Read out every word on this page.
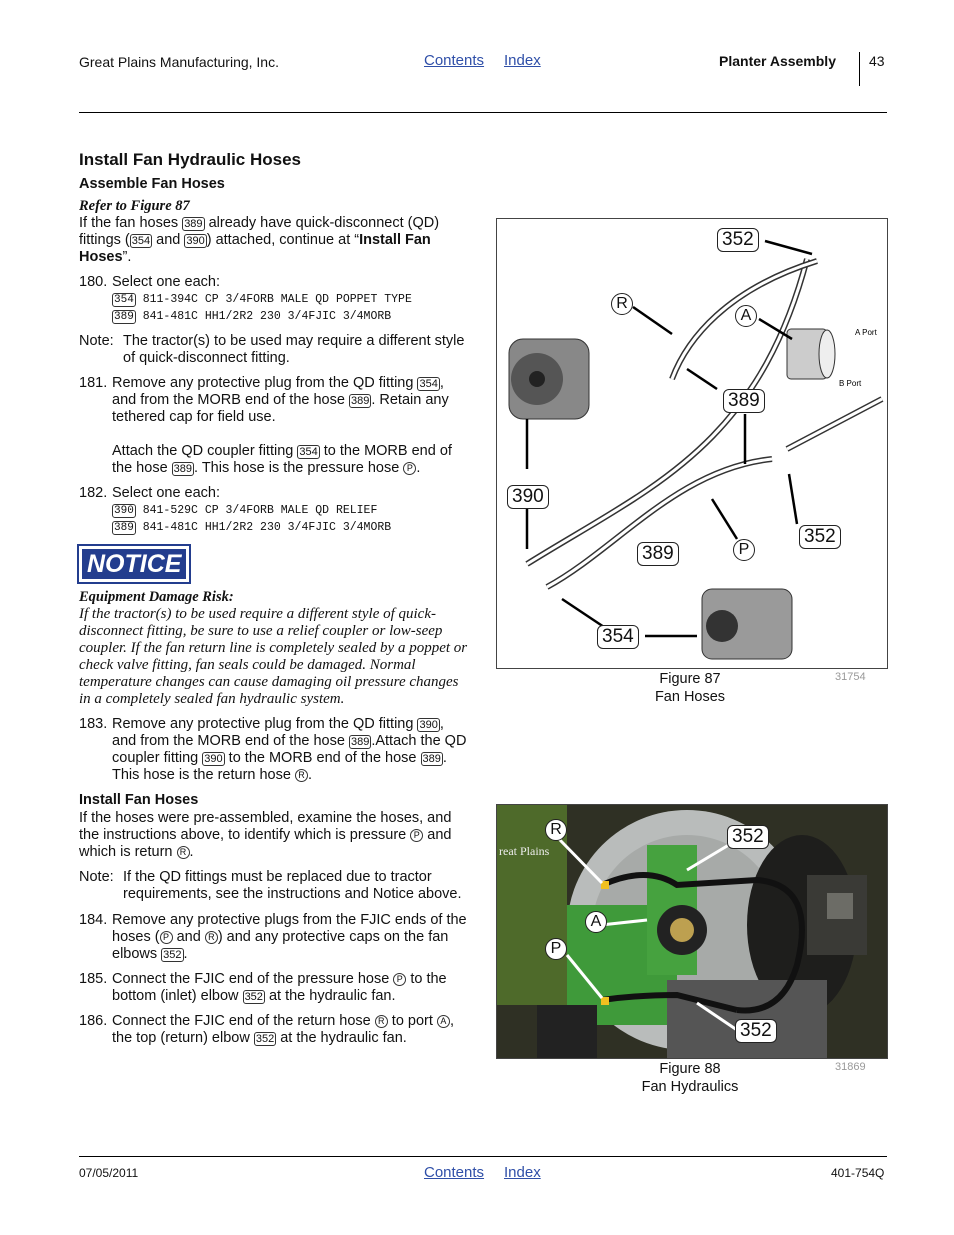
Great Plains Manufacturing, Inc.	Contents Index	Planter Assembly 43
Install Fan Hydraulic Hoses
Assemble Fan Hoses
Refer to Figure 87
If the fan hoses 389 already have quick-disconnect (QD) fittings ( 354 and 390 ) attached, continue at “Install Fan Hoses”.
180. Select one each:
354 811-394C CP 3/4FORB MALE QD POPPET TYPE
389 841-481C HH1/2R2 230 3/4FJIC 3/4MORB
Note: The tractor(s) to be used may require a different style of quick-disconnect fitting.
181. Remove any protective plug from the QD fitting 354 , and from the MORB end of the hose 389 . Retain any tethered cap for field use.
Attach the QD coupler fitting 354 to the MORB end of the hose 389 . This hose is the pressure hose P .
182. Select one each:
390 841-529C CP 3/4FORB MALE QD RELIEF
389 841-481C HH1/2R2 230 3/4FJIC 3/4MORB
NOTICE
Equipment Damage Risk:
If the tractor(s) to be used require a different style of quick-disconnect fitting, be sure to use a relief coupler or low-seep coupler. If the fan return line is completely sealed by a poppet or check valve fitting, fan seals could be damaged. Normal temperature changes can cause damaging oil pressure changes in a completely sealed fan hydraulic system.
183. Remove any protective plug from the QD fitting 390 , and from the MORB end of the hose 389 .Attach the QD coupler fitting 390 to the MORB end of the hose 389 . This hose is the return hose R .
Install Fan Hoses
If the hoses were pre-assembled, examine the hoses, and the instructions above, to identify which is pressure P and which is return R .
Note: If the QD fittings must be replaced due to tractor requirements, see the instructions and Notice above.
184. Remove any protective plugs from the FJIC ends of the hoses ( P and R ) and any protective caps on the fan elbows 352 .
185. Connect the FJIC end of the pressure hose P to the bottom (inlet) elbow 352 at the hydraulic fan.
186. Connect the FJIC end of the return hose R to port A , the top (return) elbow 352 at the hydraulic fan.
A Port
B Port
352
R
A
389
390
352
389	P
354
Figure 87
Fan Hoses
31754
reat Plains
R
A
P
352
352
Figure 88
Fan Hydraulics
31869
07/05/2011	Contents Index	401-754Q
